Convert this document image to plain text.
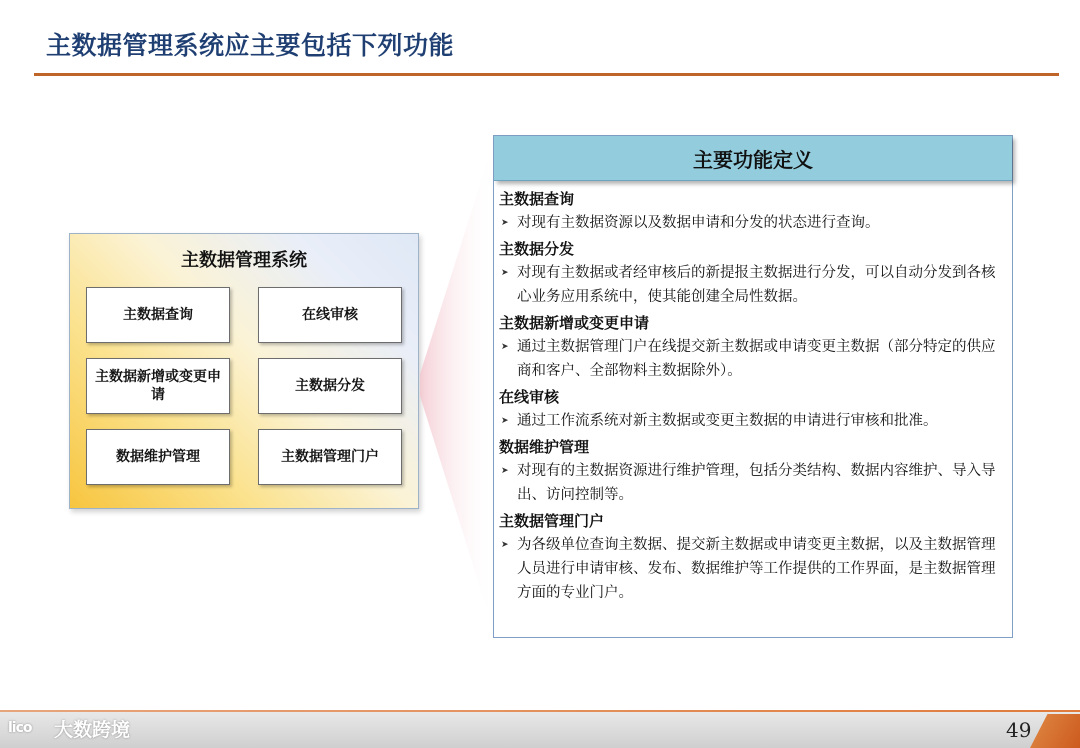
主数据管理系统应主要包括下列功能
主数据管理系统
主数据查询	在线审核
主数据新增或变更申请
主数据分发
数据维护管理	主数据管理门户
主要功能定义
主数据查询
➤ 对现有主数据资源以及数据申请和分发的状态进行查询。
主数据分发
➤ 对现有主数据或者经审核后的新提报主数据进行分发，可以自动分发到各核心业务应用系统中，使其能创建全局性数据。
主数据新增或变更申请
➤ 通过主数据管理门户在线提交新主数据或申请变更主数据（部分特定的供应商和客户、全部物料主数据除外）。
在线审核
➤ 通过工作流系统对新主数据或变更主数据的申请进行审核和批准。
数据维护管理
➤ 对现有的主数据资源进行维护管理，包括分类结构、数据内容维护、导入导出、访问控制等。
主数据管理门户
➤ 为各级单位查询主数据、提交新主数据或申请变更主数据，以及主数据管理人员进行申请审核、发布、数据维护等工作提供的工作界面，是主数据管理方面的专业门户。
49
lico	大数跨境
